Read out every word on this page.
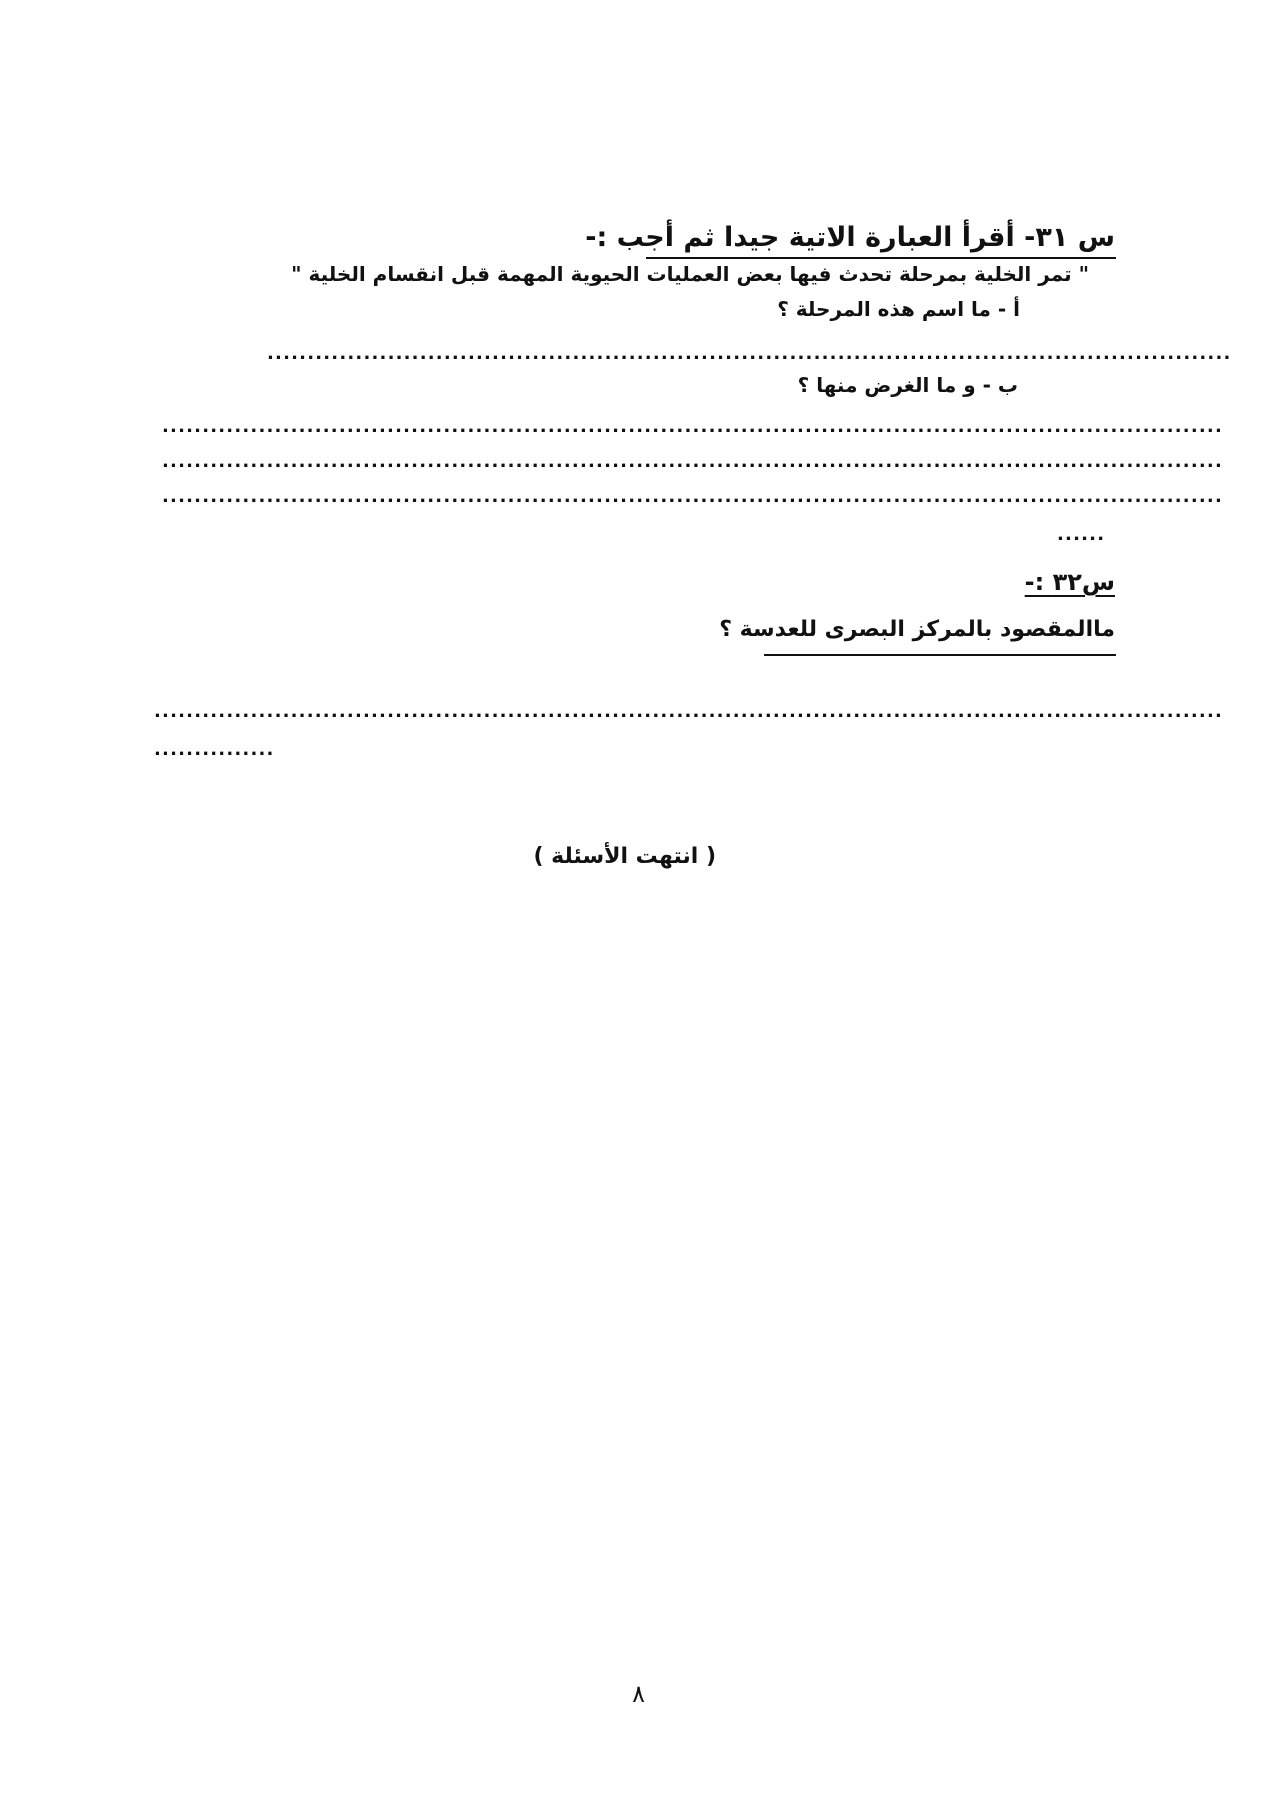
س ٣١- أقرأ العبارة الاتية جيدا ثم أجب :-
" تمر الخلية بمرحلة تحدث فيها بعض العمليات الحيوية المهمة قبل انقسام الخلية "
أ - ما اسم هذه المرحلة ؟
........................................................................................................................
ب - و ما الغرض منها ؟
....................................................................................................................................
....................................................................................................................................
....................................................................................................................................
......
س٣٢ :-
ماالمقصود بالمركز البصرى للعدسة ؟
.....................................................................................................................................
...............
( انتهت الأسئلة )
٨
